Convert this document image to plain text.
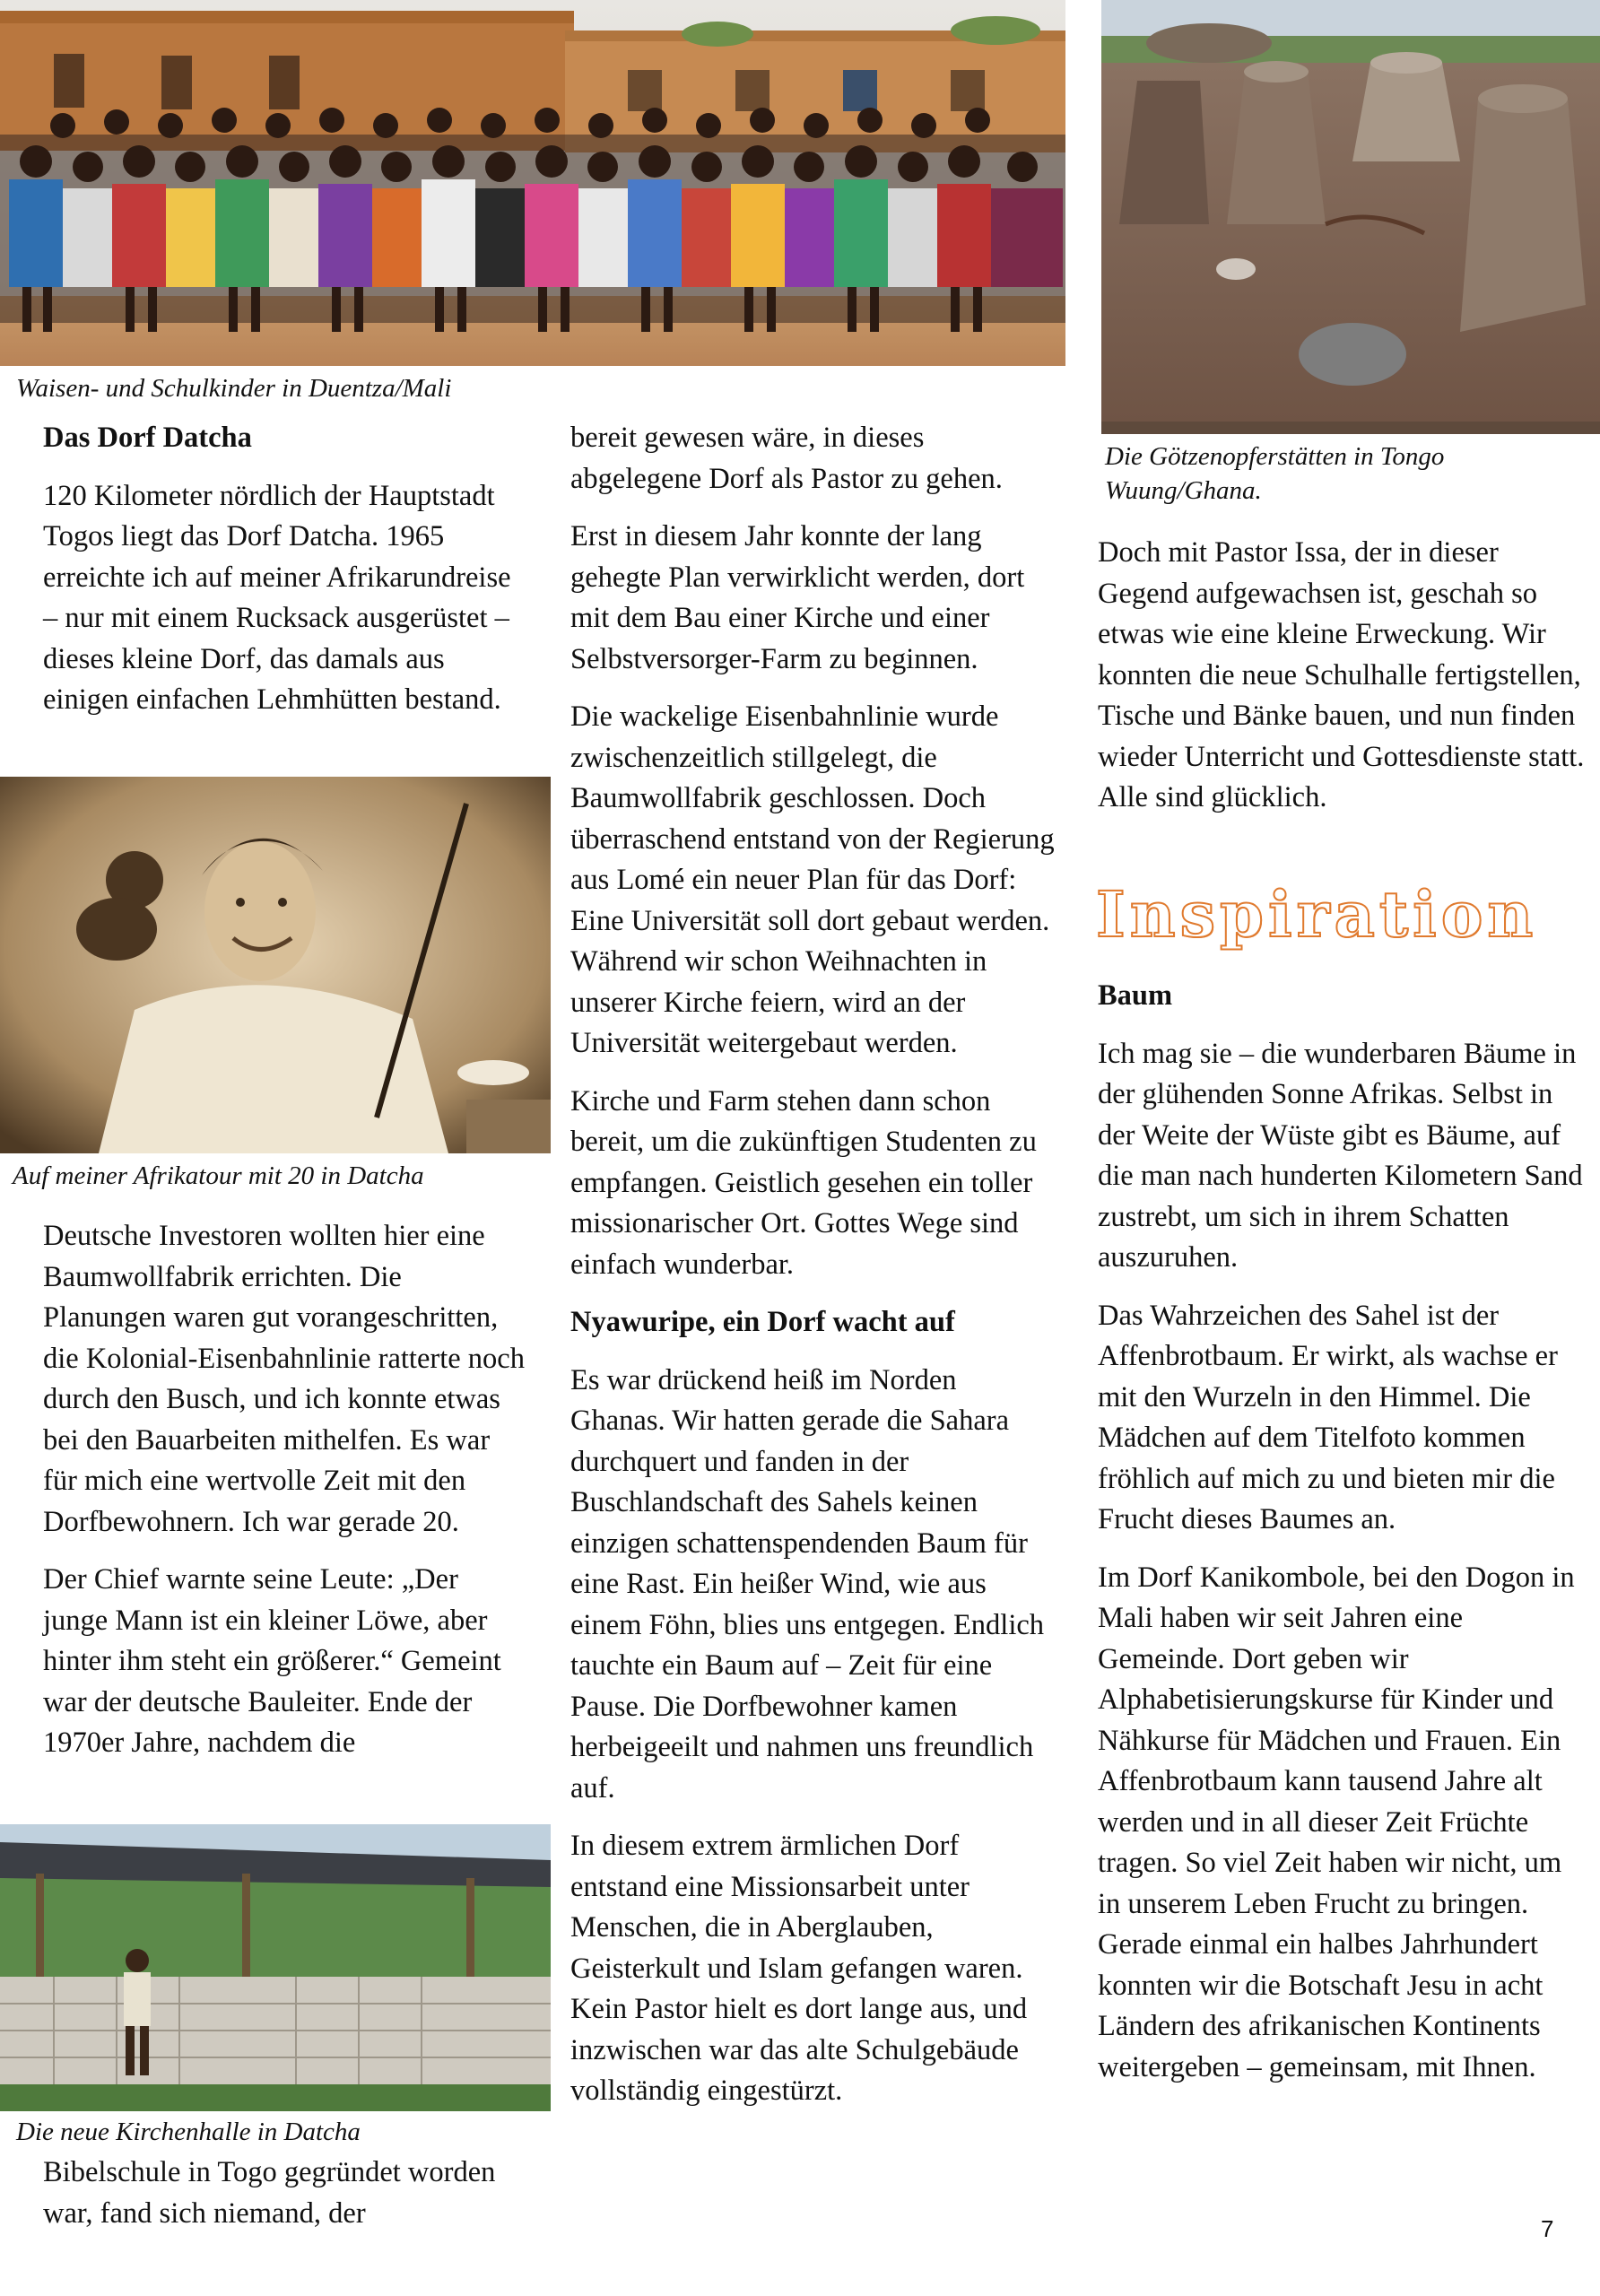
Waisen- und Schulkinder in Duentza/Mali
Die Götzenopferstätten in Tongo Wuung/Ghana.
Auf meiner Afrikatour mit 20 in Datcha
Die neue Kirchenhalle in Datcha
Das Dorf Datcha

120 Kilometer nördlich der Hauptstadt Togos liegt das Dorf Datcha. 1965 erreichte ich auf meiner Afrikarundreise – nur mit einem Rucksack ausgerüstet – dieses kleine Dorf, das damals aus einigen einfachen Lehmhütten bestand.

Deutsche Investoren wollten hier eine Baumwollfabrik errichten. Die Planungen waren gut vorangeschritten, die Kolonial-Eisenbahnlinie ratterte noch durch den Busch, und ich konnte etwas bei den Bauarbeiten mithelfen. Es war für mich eine wertvolle Zeit mit den Dorfbewohnern. Ich war gerade 20.

Der Chief warnte seine Leute: „Der junge Mann ist ein kleiner Löwe, aber hinter ihm steht ein größerer.“ Gemeint war der deutsche Bauleiter. Ende der 1970er Jahre, nachdem die

Bibelschule in Togo gegründet worden war, fand sich niemand, der

bereit gewesen wäre, in dieses abgelegene Dorf als Pastor zu gehen.

Erst in diesem Jahr konnte der lang gehegte Plan verwirklicht werden, dort mit dem Bau einer Kirche und einer Selbstversorger-Farm zu beginnen.

Die wackelige Eisenbahnlinie wurde zwischenzeitlich stillgelegt, die Baumwollfabrik geschlossen. Doch überraschend entstand von der Regierung aus Lomé ein neuer Plan für das Dorf: Eine Universität soll dort gebaut werden. Während wir schon Weihnachten in unserer Kirche feiern, wird an der Universität weitergebaut werden.

Kirche und Farm stehen dann schon bereit, um die zukünftigen Studenten zu empfangen. Geistlich gesehen ein toller missionarischer Ort. Gottes Wege sind einfach wunderbar.

Nyawuripe, ein Dorf wacht auf

Es war drückend heiß im Norden Ghanas. Wir hatten gerade die Sahara durchquert und fanden in der Buschlandschaft des Sahels keinen einzigen schattenspendenden Baum für eine Rast. Ein heißer Wind, wie aus einem Föhn, blies uns entgegen. Endlich tauchte ein Baum auf – Zeit für eine Pause. Die Dorfbewohner kamen herbeigeeilt und nahmen uns freundlich auf.

In diesem extrem ärmlichen Dorf entstand eine Missionsarbeit unter Menschen, die in Aberglauben, Geisterkult und Islam gefangen waren. Kein Pastor hielt es dort lange aus, und inzwischen war das alte Schulgebäude vollständig eingestürzt.

Doch mit Pastor Issa, der in dieser Gegend aufgewachsen ist, geschah so etwas wie eine kleine Erweckung. Wir konnten die neue Schulhalle fertigstellen, Tische und Bänke bauen, und nun finden wieder Unterricht und Gottesdienste statt. Alle sind glücklich.

Inspiration
Baum

Ich mag sie – die wunderbaren Bäume in der glühenden Sonne Afrikas. Selbst in der Weite der Wüste gibt es Bäume, auf die man nach hunderten Kilometern Sand zustrebt, um sich in ihrem Schatten auszuruhen.

Das Wahrzeichen des Sahel ist der Affenbrotbaum. Er wirkt, als wachse er mit den Wurzeln in den Himmel. Die Mädchen auf dem Titelfoto kommen fröhlich auf mich zu und bieten mir die Frucht dieses Baumes an.

Im Dorf Kanikombole, bei den Dogon in Mali haben wir seit Jahren eine Gemeinde. Dort geben wir Alphabetisierungskurse für Kinder und Nähkurse für Mädchen und Frauen. Ein Affenbrotbaum kann tausend Jahre alt werden und in all dieser Zeit Früchte tragen. So viel Zeit haben wir nicht, um in unserem Leben Frucht zu bringen.

Gerade einmal ein halbes Jahrhundert konnten wir die Botschaft Jesu in acht Ländern des afrikanischen Kontinents weitergeben – gemeinsam, mit Ihnen.

7
